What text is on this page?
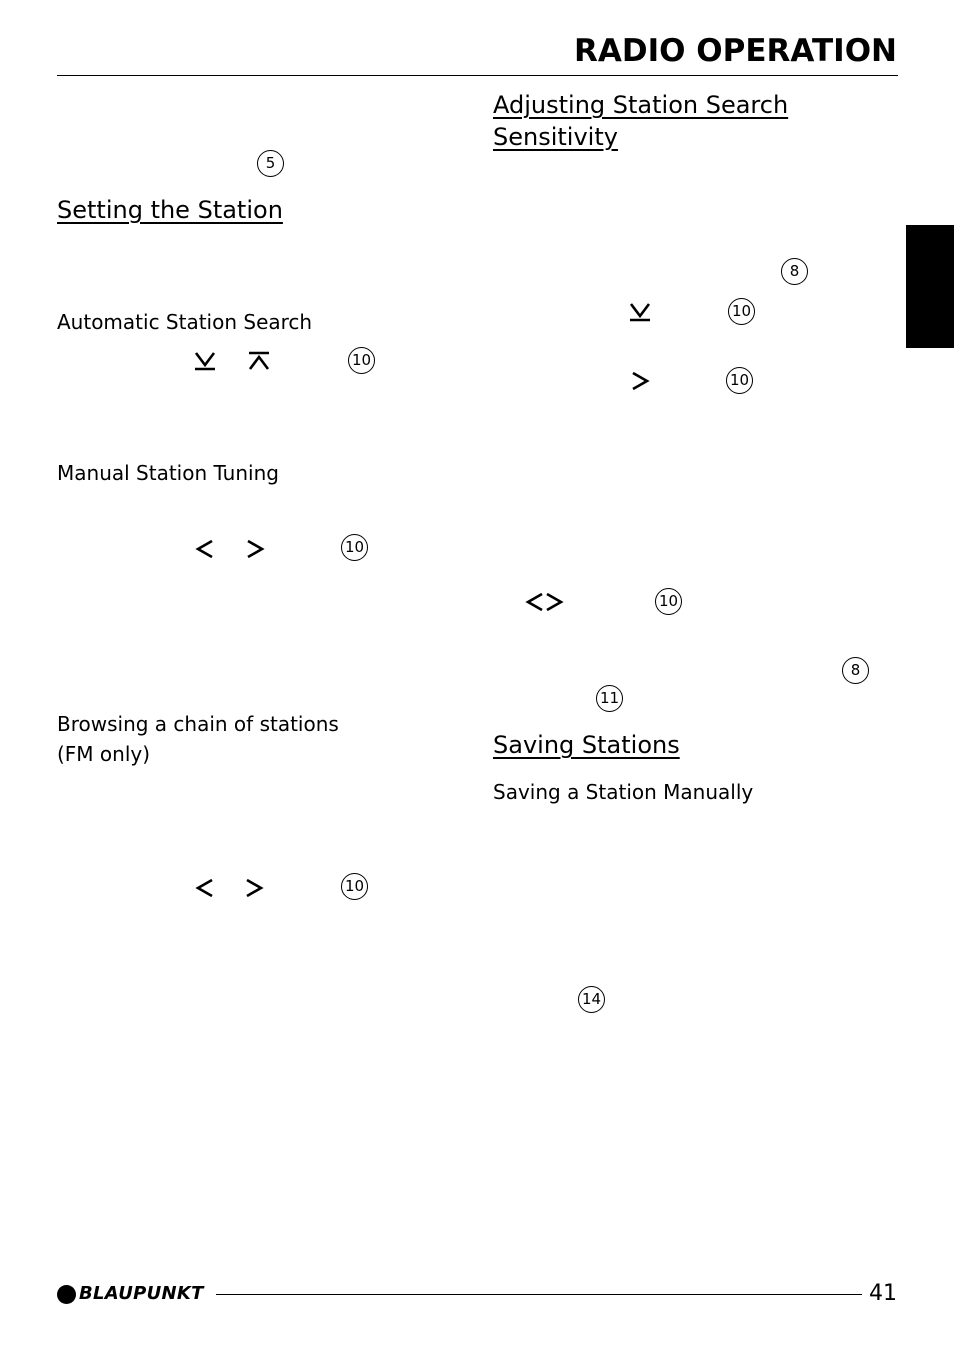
RADIO OPERATION
5
Setting the Station
Automatic Station Search
10
Manual Station Tuning
10
Browsing a chain of stations
(FM only)
10
Adjusting Station Search
Sensitivity
8
10
10
10
8
11
Saving Stations
Saving a Station Manually
14
BLAUPUNKT	41
